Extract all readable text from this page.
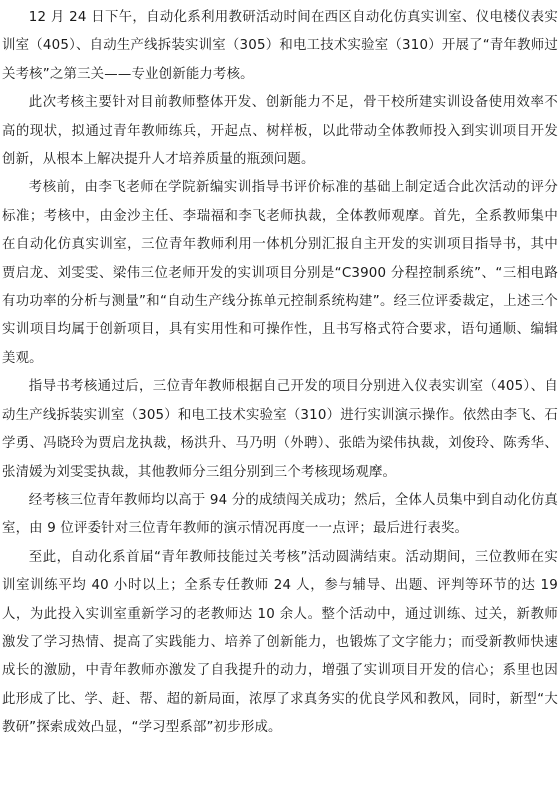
12 月 24 日下午，自动化系利用教研活动时间在西区自动化仿真实训室、仪电楼仪表实训室（405）、自动生产线拆装实训室（305）和电工技术实验室（310）开展了“青年教师过关考核”之第三关——专业创新能力考核。

此次考核主要针对目前教师整体开发、创新能力不足，骨干校所建实训设备使用效率不高的现状，拟通过青年教师练兵，开起点、树样板，以此带动全体教师投入到实训项目开发创新，从根本上解决提升人才培养质量的瓶颈问题。

考核前，由李飞老师在学院新编实训指导书评价标准的基础上制定适合此次活动的评分标准；考核中，由金沙主任、李瑞福和李飞老师执裁，全体教师观摩。首先，全系教师集中在自动化仿真实训室，三位青年教师利用一体机分别汇报自主开发的实训项目指导书，其中贾启龙、刘雯雯、梁伟三位老师开发的实训项目分别是“C3900 分程控制系统”、“三相电路有功功率的分析与测量”和“自动生产线分拣单元控制系统构建”。经三位评委裁定，上述三个实训项目均属于创新项目，具有实用性和可操作性，且书写格式符合要求，语句通顺、编辑美观。

指导书考核通过后，三位青年教师根据自己开发的项目分别进入仪表实训室（405）、自动生产线拆装实训室（305）和电工技术实验室（310）进行实训演示操作。依然由李飞、石学勇、冯晓玲为贾启龙执裁，杨洪升、马乃明（外聘）、张皓为梁伟执裁，刘俊玲、陈秀华、张清媛为刘雯雯执裁，其他教师分三组分别到三个考核现场观摩。

经考核三位青年教师均以高于 94 分的成绩闯关成功；然后，全体人员集中到自动化仿真室，由 9 位评委针对三位青年教师的演示情况再度一一点评；最后进行表奖。

至此，自动化系首届“青年教师技能过关考核”活动圆满结束。活动期间，三位教师在实训室训练平均 40 小时以上；全系专任教师 24 人，参与辅导、出题、评判等环节的达 19 人，为此投入实训室重新学习的老教师达 10 余人。整个活动中，通过训练、过关，新教师激发了学习热情、提高了实践能力、培养了创新能力，也锻炼了文字能力；而受新教师快速成长的激励，中青年教师亦激发了自我提升的动力，增强了实训项目开发的信心；系里也因此形成了比、学、赶、帮、超的新局面，浓厚了求真务实的优良学风和教风，同时，新型“大教研”探索成效凸显，“学习型系部”初步形成。
